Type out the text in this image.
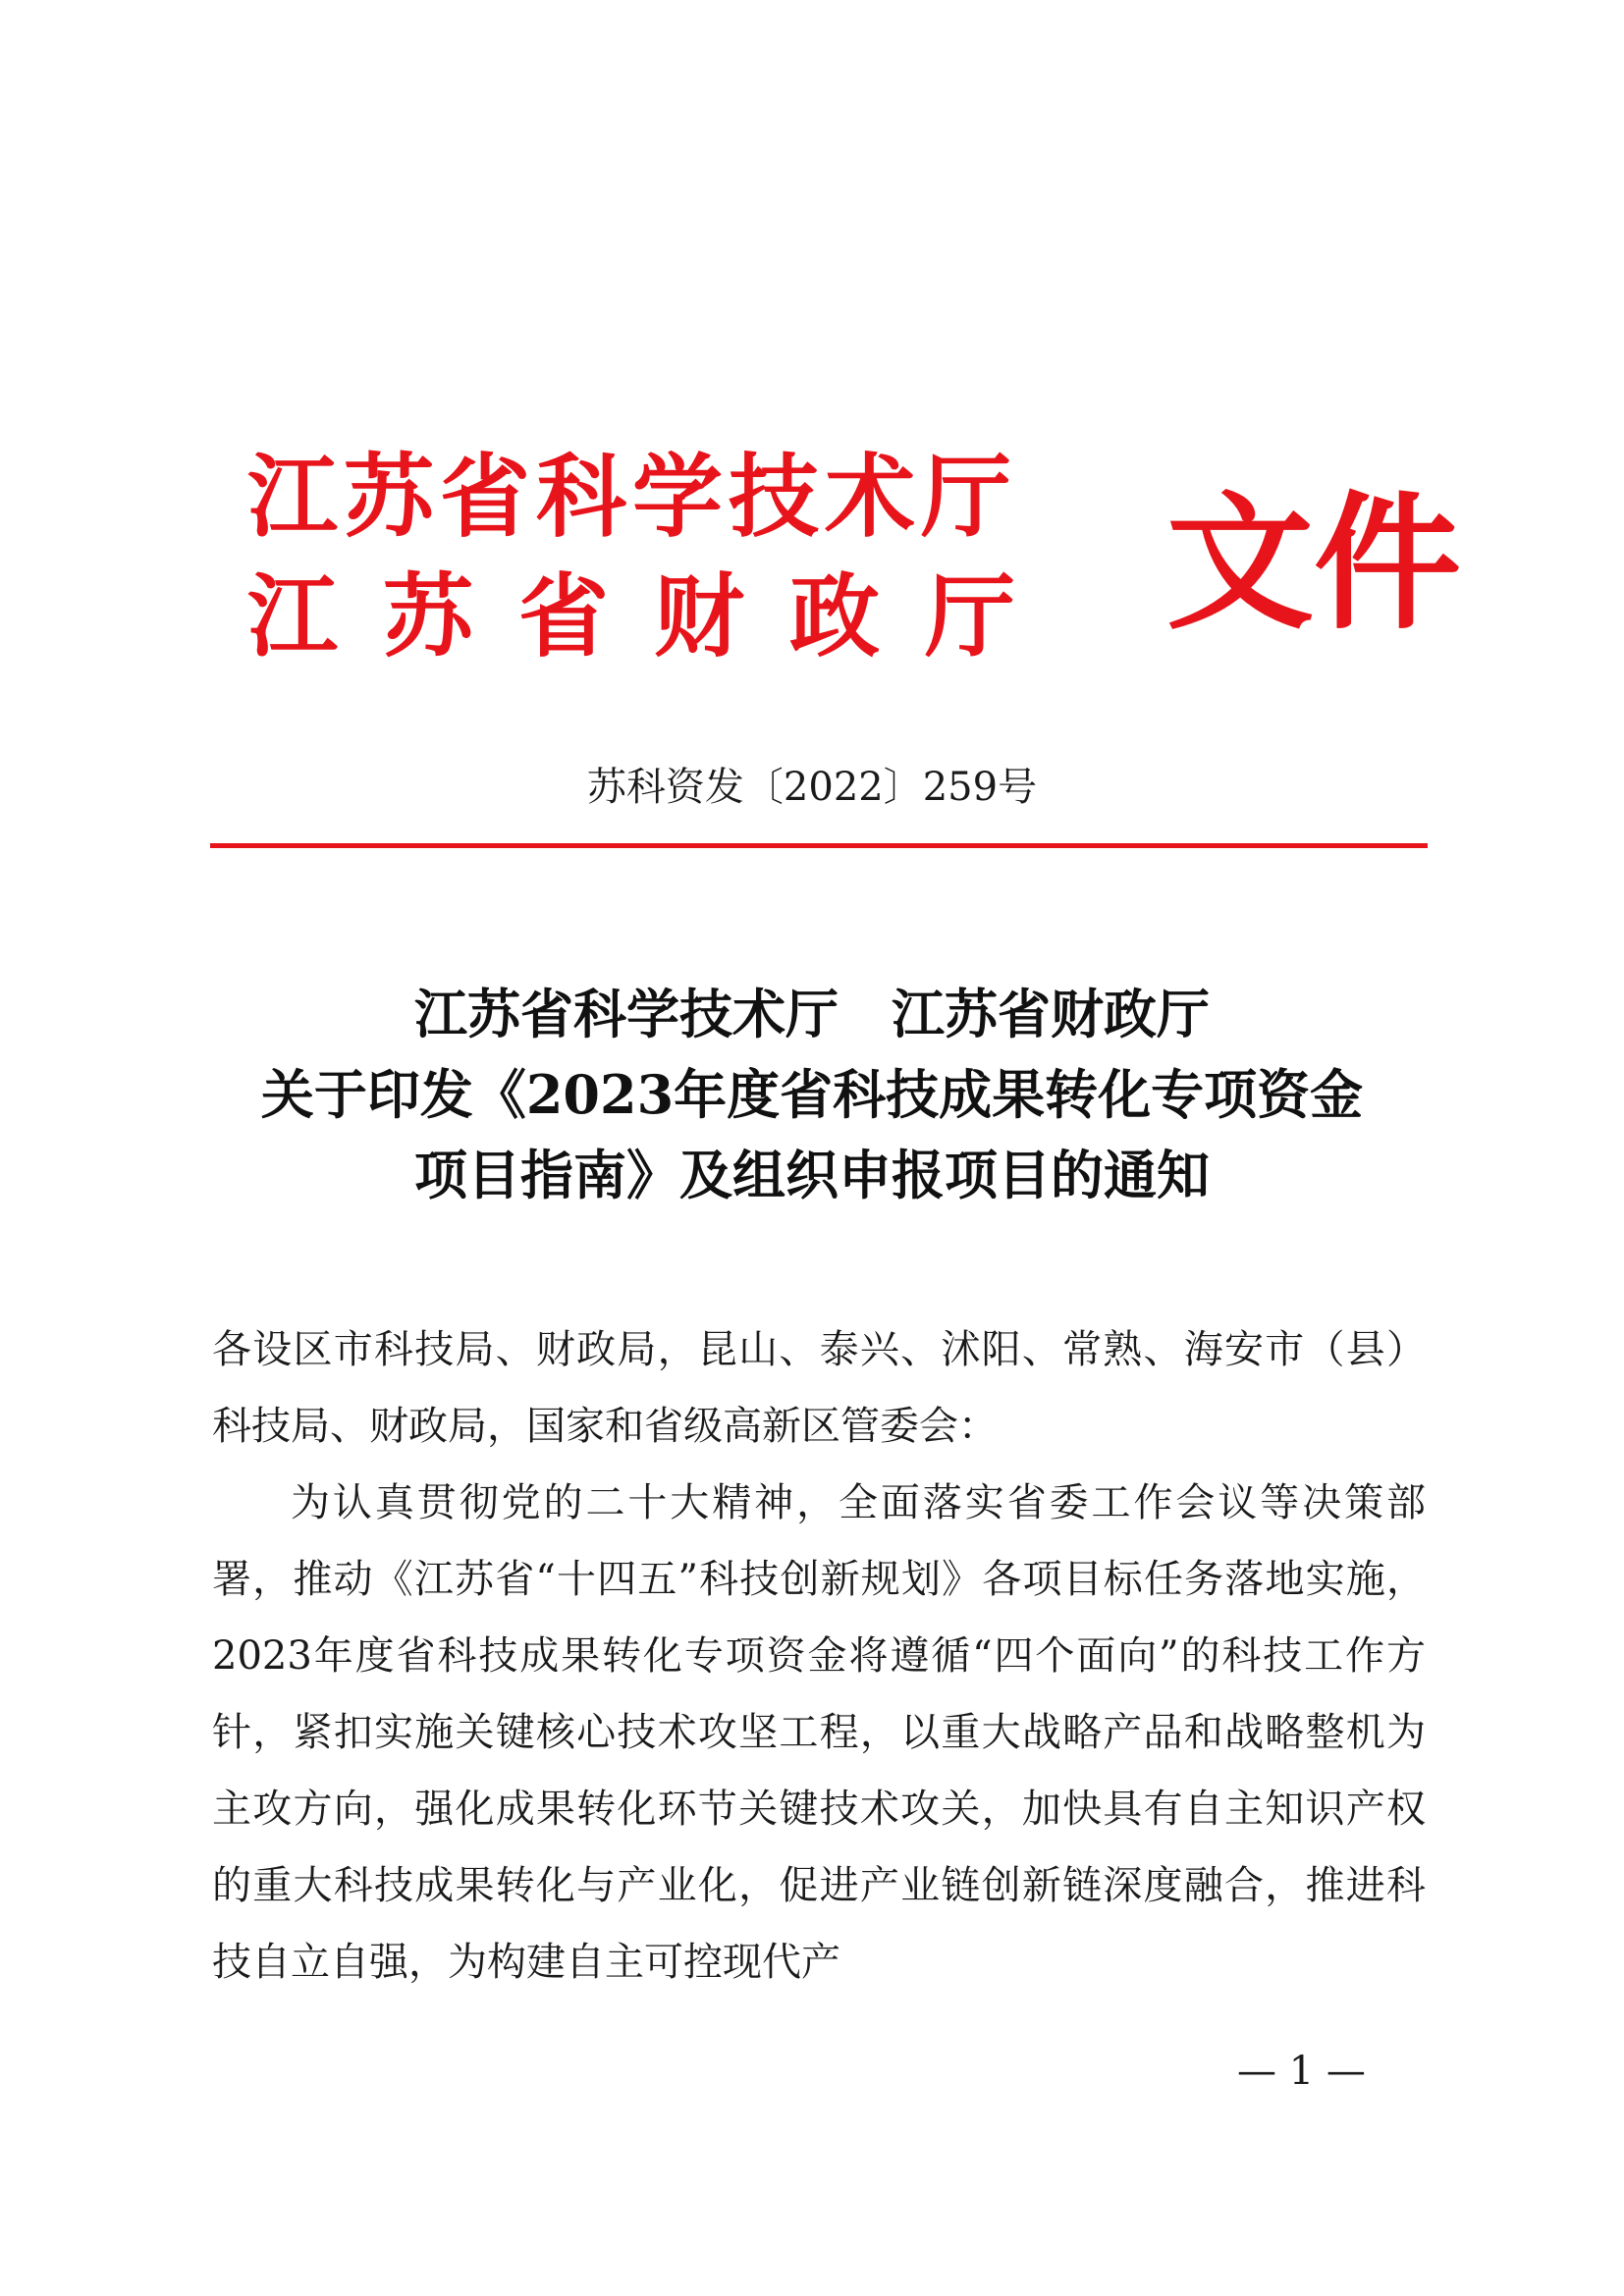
江苏省科学技术厅
江苏省财政厅 文件
苏科资发〔2022〕259号
江苏省科学技术厅　江苏省财政厅
关于印发《2023年度省科技成果转化专项资金
项目指南》及组织申报项目的通知

各设区市科技局、财政局，昆山、泰兴、沭阳、常熟、海安市（县）科技局、财政局，国家和省级高新区管委会：

为认真贯彻党的二十大精神，全面落实省委工作会议等决策部署，推动《江苏省“十四五”科技创新规划》各项目标任务落地实施，2023年度省科技成果转化专项资金将遵循“四个面向”的科技工作方针，紧扣实施关键核心技术攻坚工程，以重大战略产品和战略整机为主攻方向，强化成果转化环节关键技术攻关，加快具有自主知识产权的重大科技成果转化与产业化，促进产业链创新链深度融合，推进科技自立自强，为构建自主可控现代产

— 1 —
